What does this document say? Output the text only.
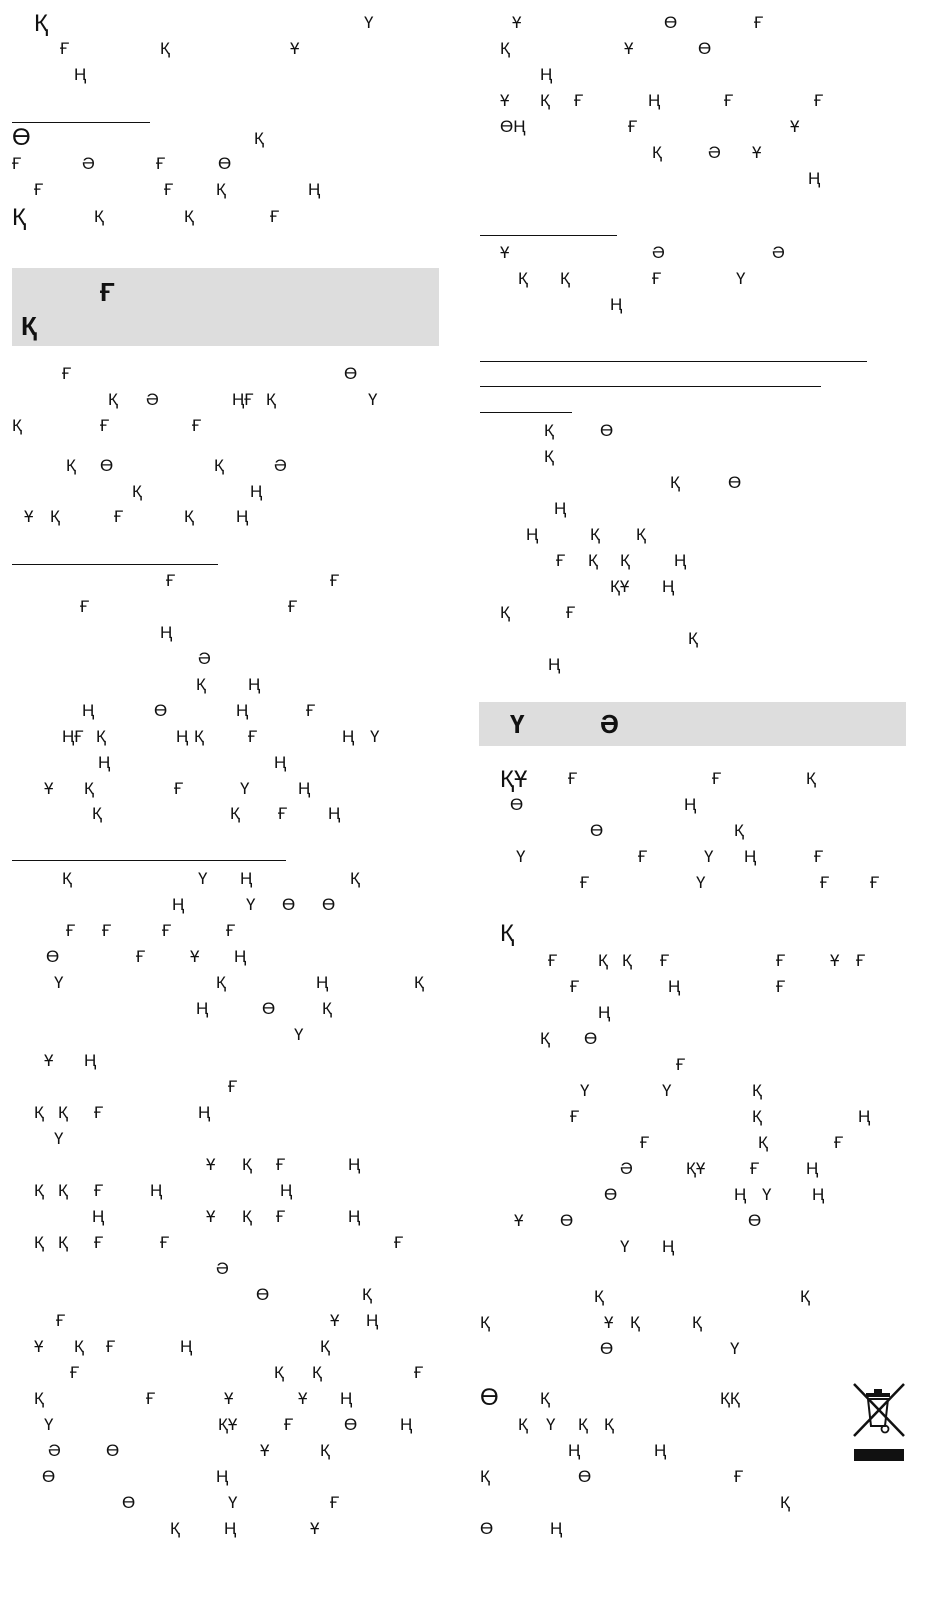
Ғ
Қ
Ү	Ә
Қ	Ү
Ғ	Қ	Ұ
Ң
Ө	Қ
Ғ	Ә	Ғ	Ө
Ғ	Ғ	Қ	Ң
Қ	Қ	Қ	Ғ
Ғ	Ө
Қ Ә	ҢҒ Қ	Ү
Қ	Ғ	Ғ
Қ Ө	Қ	Ә
Қ	Ң
Ұ Қ	Ғ	Қ Ң
Ғ	Ғ
Ғ	Ғ
Ң
Ә
Қ Ң
Ң	Ө	Ң	Ғ
ҢҒ Қ	Ң Қ	Ғ	Ң Ү
Ң	Ң
Ұ Қ	Ғ	Ү	Ң
Қ	Қ Ғ Ң
Қ	Ү Ң	Қ
Ң	Ү Ө Ө
Ғ Ғ	Ғ	Ғ
Ө	Ғ	Ұ Ң
Ү	Қ	Ң	Қ
Ң	Ө	Қ
Ү
Ұ Ң
Ғ
Қ Қ Ғ	Ң
Ү
Ұ Қ Ғ	Ң
Қ Қ Ғ	Ң	Ң
Ң	Ұ Қ Ғ	Ң
Қ Қ Ғ	Ғ	Ғ
Ә
Ө	Қ
Ғ	Ұ Ң
Ұ Қ Ғ	Ң	Қ
Ғ	Қ Қ	Ғ
Қ	Ғ	Ұ	Ұ Ң
Ү	ҚҰ	Ғ	Ө	Ң
Ә	Ө	Ұ	Қ
Ө	Ң
Ө	Ү	Ғ
Қ	Ң	Ұ
Ұ	Ө	Ғ
Қ	Ұ	Ө
Ң
Ұ Қ Ғ	Ң	Ғ	Ғ
ӨҢ	Ғ	Ұ
Қ	Ә Ұ
Ң
Ұ	Ә	Ә
Қ Қ	Ғ	Ү
Ң
Қ	Ө
Қ
Қ	Ө
Ң
Ң	Қ Қ
Ғ Қ Қ	Ң
ҚҰ Ң
Қ	Ғ
Қ
Ң
ҚҰ Ғ	Ғ	Қ
Ө	Ң
Ө	Қ
Ү	Ғ	Ү Ң	Ғ
Ғ	Ү	Ғ Ғ
Қ
Ғ Қ Қ Ғ	Ғ	Ұ Ғ
Ғ	Ң	Ғ
Ң
Қ Ө
Ғ
Ү	Ү	Қ
Ғ	Қ	Ң
Ғ	Қ	Ғ
Ә	ҚҰ	Ғ	Ң
Ө	Ң Ү Ң
Ұ Ө	Ө
Ү Ң
Қ	Қ
Қ	Ұ Қ	Қ
Ө	Ү
Ө Қ	ҚҚ
Қ Ү Қ Қ
Ң	Ң
Қ	Ө	Ғ
Қ
Ө	Ң
